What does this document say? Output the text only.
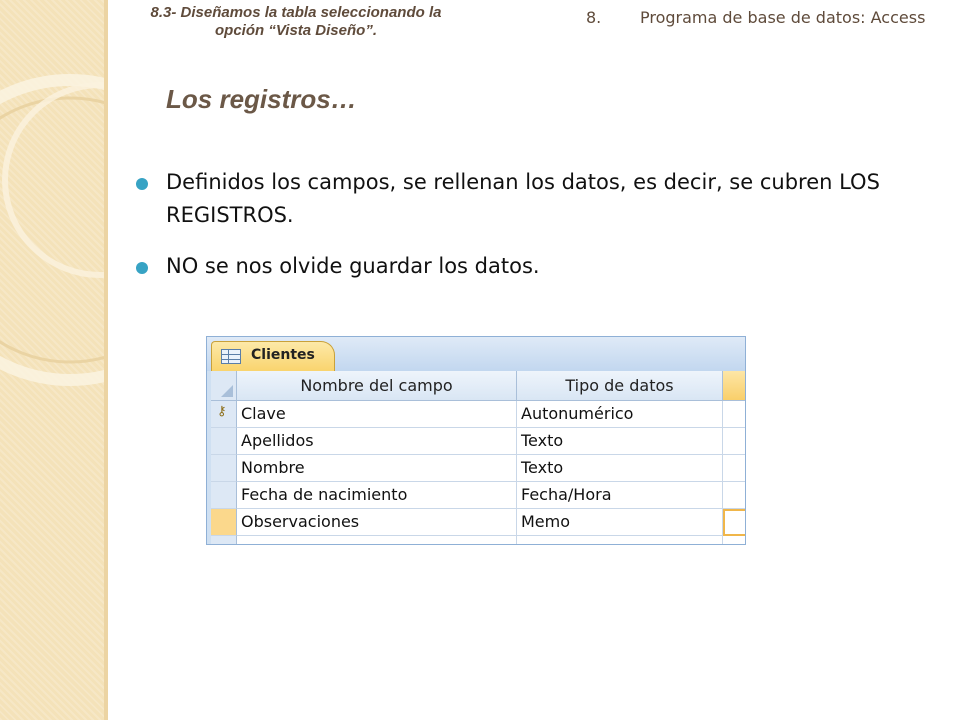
8.3- Diseñamos la tabla seleccionando la
opción “Vista Diseño”.
8. Programa de base de datos: Access
Los registros…
Definidos los campos, se rellenan los datos, es decir, se cubren LOS REGISTROS.
NO se nos olvide guardar los datos.
Clientes
⚷
Nombre del campo	Tipo de datos
Clave	Autonumérico
Apellidos	Texto
Nombre	Texto
Fecha de nacimiento	Fecha/Hora
Observaciones	Memo
